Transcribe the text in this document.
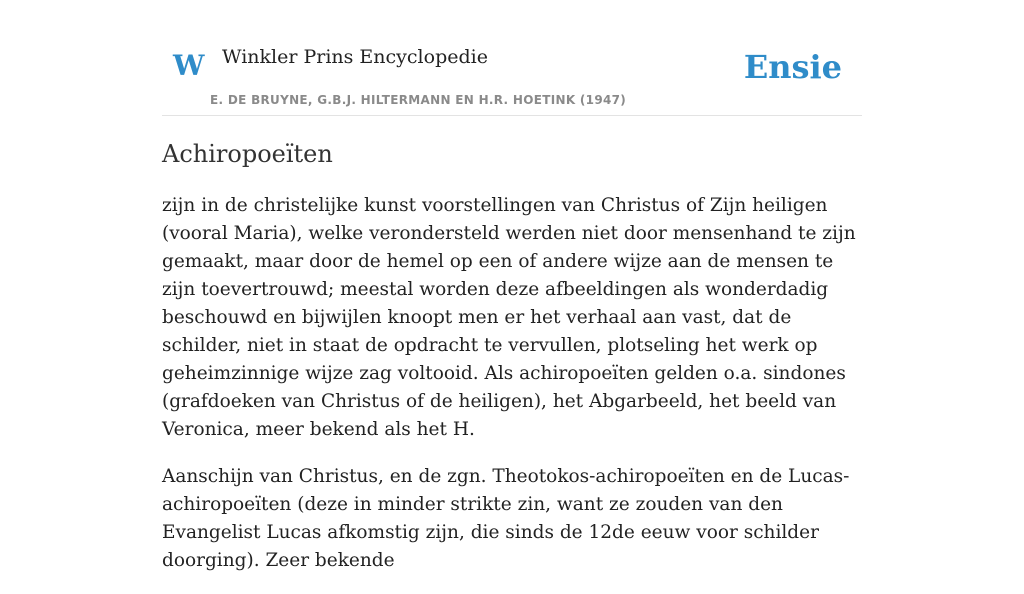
W Winkler Prins Encyclopedie
E. DE BRUYNE, G.B.J. HILTERMANN EN H.R. HOETINK (1947)
Ensie
Achiropoeïten

zijn in de christelijke kunst voorstellingen van Christus of Zijn heiligen (vooral Maria), welke verondersteld werden niet door mensenhand te zijn gemaakt, maar door de hemel op een of andere wijze aan de mensen te zijn toevertrouwd; meestal worden deze afbeeldingen als wonderdadig beschouwd en bijwijlen knoopt men er het verhaal aan vast, dat de schilder, niet in staat de opdracht te vervullen, plotseling het werk op geheimzinnige wijze zag voltooid. Als achiropoeïten gelden o.a. sindones (grafdoeken van Christus of de heiligen), het Abgarbeeld, het beeld van Veronica, meer bekend als het H.

Aanschijn van Christus, en de zgn. Theotokos-achiropoeïten en de Lucas-achiropoeïten (deze in minder strikte zin, want ze zouden van den Evangelist Lucas afkomstig zijn, die sinds de 12de eeuw voor schilder doorging). Zeer bekende
